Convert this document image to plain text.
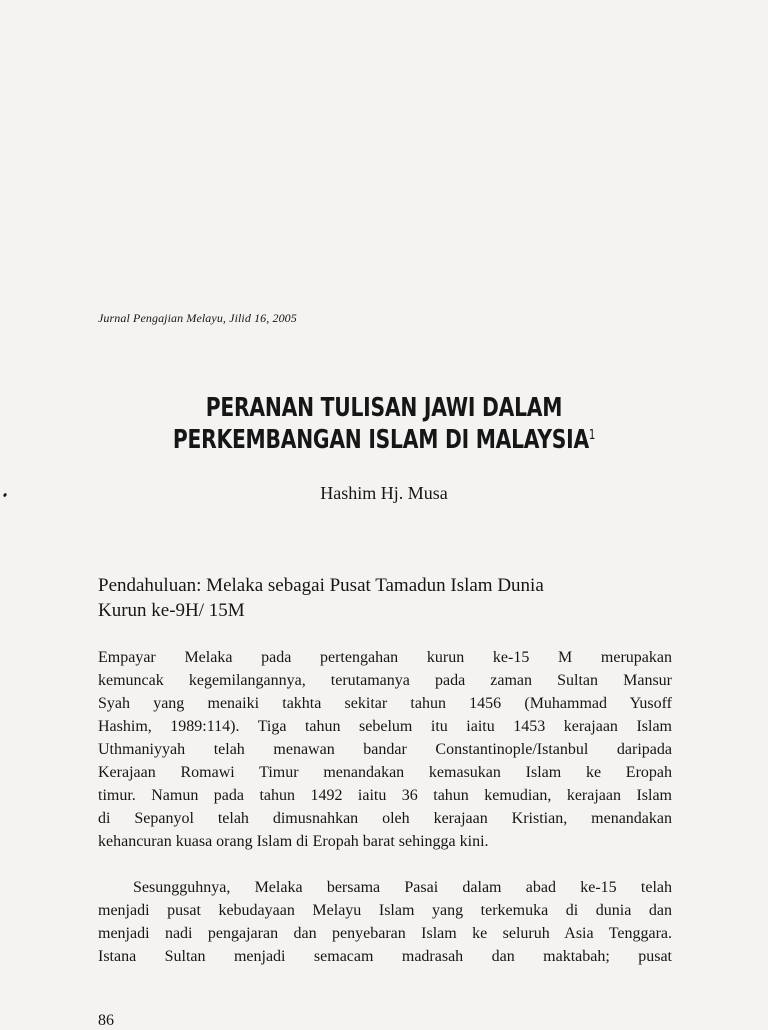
Jurnal Pengajian Melayu, Jilid 16, 2005
PERANAN TULISAN JAWI DALAM
PERKEMBANGAN ISLAM DI MALAYSIA$^1$
Hashim Hj. Musa
Pendahuluan: Melaka sebagai Pusat Tamadun Islam Dunia
Kurun ke-9H/ 15M
Empayar Melaka pada pertengahan kurun ke-15 M merupakan
kemuncak kegemilangannya, terutamanya pada zaman Sultan Mansur
Syah yang menaiki takhta sekitar tahun 1456 (Muhammad Yusoff
Hashim, 1989:114). Tiga tahun sebelum itu iaitu 1453 kerajaan Islam
Uthmaniyyah telah menawan bandar Constantinople/Istanbul daripada
Kerajaan Romawi Timur menandakan kemasukan Islam ke Eropah
timur. Namun pada tahun 1492 iaitu 36 tahun kemudian, kerajaan Islam
di Sepanyol telah dimusnahkan oleh kerajaan Kristian, menandakan
kehancuran kuasa orang Islam di Eropah barat sehingga kini.
Sesungguhnya, Melaka bersama Pasai dalam abad ke-15 telah
menjadi pusat kebudayaan Melayu Islam yang terkemuka di dunia dan
menjadi nadi pengajaran dan penyebaran Islam ke seluruh Asia Tenggara.
Istana Sultan menjadi semacam madrasah dan maktabah; pusat
86
